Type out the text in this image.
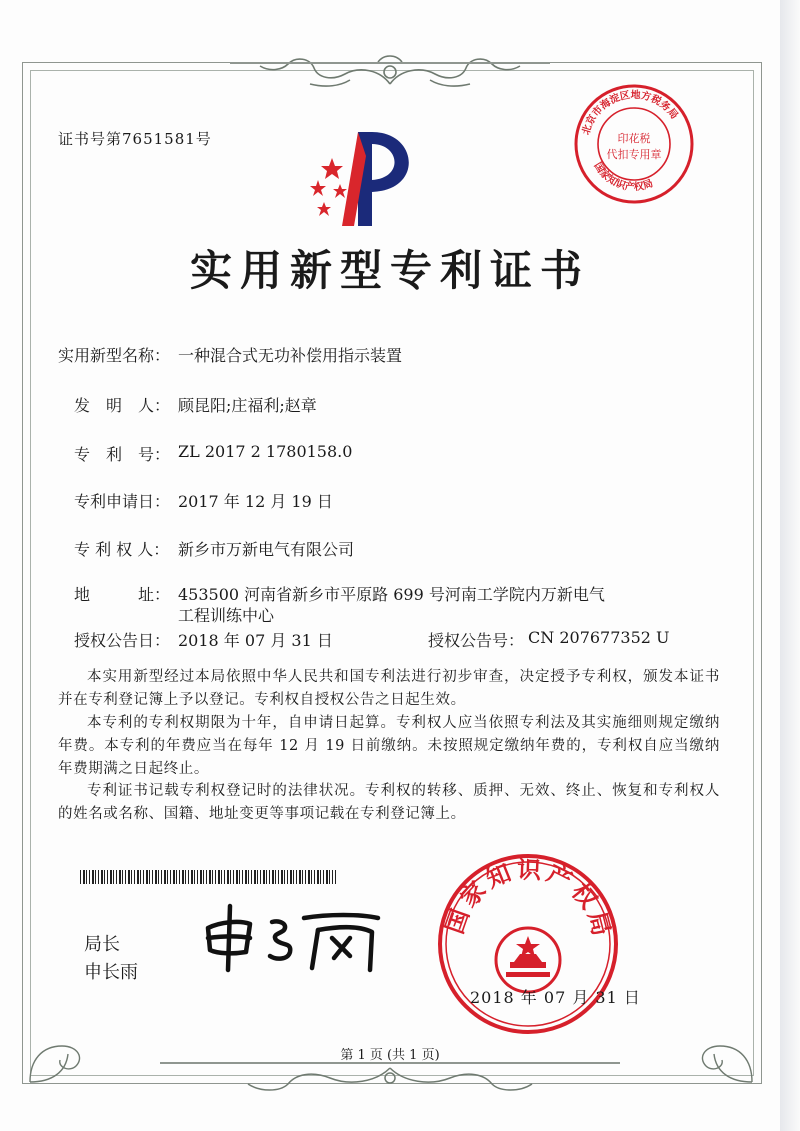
证书号第7651581号
北京市海淀区地方税务局
国家知识产权局
印花税
代扣专用章
实用新型专利证书
实用新型名称： 一种混合式无功补偿用指示装置
发　明　人： 顾昆阳;庄福利;赵章
专　利　号： ZL 2017 2 1780158.0
专利申请日： 2017 年 12 月 19 日
专 利 权 人： 新乡市万新电气有限公司
地　　　址： 453500 河南省新乡市平原路 699 号河南工学院内万新电气
工程训练中心
授权公告日： 2018 年 07 月 31 日	授权公告号： CN 207677352 U
本实用新型经过本局依照中华人民共和国专利法进行初步审查，决定授予专利权，颁发本证书并在专利登记簿上予以登记。专利权自授权公告之日起生效。
本专利的专利权期限为十年，自申请日起算。专利权人应当依照专利法及其实施细则规定缴纳年费。本专利的年费应当在每年 12 月 19 日前缴纳。未按照规定缴纳年费的，专利权自应当缴纳年费期满之日起终止。
专利证书记载专利权登记时的法律状况。专利权的转移、质押、无效、终止、恢复和专利权人的姓名或名称、国籍、地址变更等事项记载在专利登记簿上。
局长
申长雨
国家知识产权局
2018 年 07 月 31 日
第 1 页 (共 1 页)
